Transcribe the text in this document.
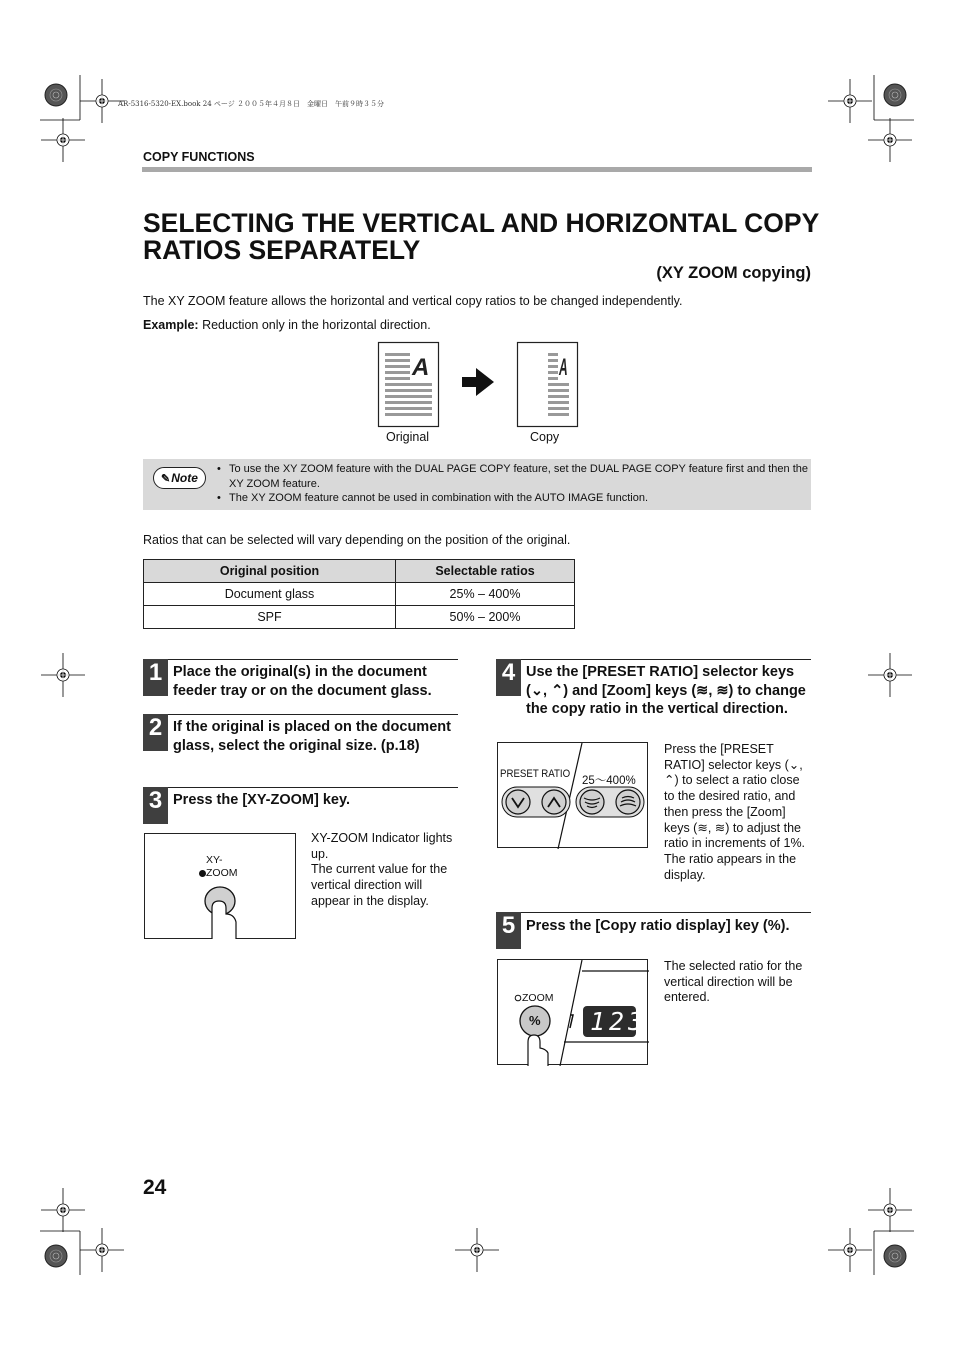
AR-5316-5320-EX.book 24 ページ ２００５年４月８日　金曜日　午前９時３５分
COPY FUNCTIONS
SELECTING THE VERTICAL AND HORIZONTAL COPY RATIOS SEPARATELY
(XY ZOOM copying)
The XY ZOOM feature allows the horizontal and vertical copy ratios to be changed independently.
Example: Reduction only in the horizontal direction.
A	A
Original	Copy
✎ Note
• To use the XY ZOOM feature with the DUAL PAGE COPY feature, set the DUAL PAGE COPY feature first and then the XY ZOOM feature.
• The XY ZOOM feature cannot be used in combination with the AUTO IMAGE function.
Ratios that can be selected will vary depending on the position of the original.
Original position	Selectable ratios
Document glass	25% – 400%
SPF	50% – 200%
1 Place the original(s) in the document feeder tray or on the document glass.
2 If the original is placed on the document glass, select the original size. (p.18)
3 Press the [XY-ZOOM] key.
XY-
ZOOM
XY-ZOOM Indicator lights up.
The current value for the vertical direction will appear in the display.
4 Use the [PRESET RATIO] selector keys (⌄, ⌃) and [Zoom] keys (≋, ≋) to change the copy ratio in the vertical direction.
PRESET RATIO
25～400%
Press the [PRESET RATIO] selector keys (⌄, ⌃) to select a ratio close to the desired ratio, and then press the [Zoom] keys (≋, ≋) to adjust the ratio in increments of 1%.
The ratio appears in the display.
5 Press the [Copy ratio display] key (%).
ZOOM
% 123
The selected ratio for the vertical direction will be entered.
24
